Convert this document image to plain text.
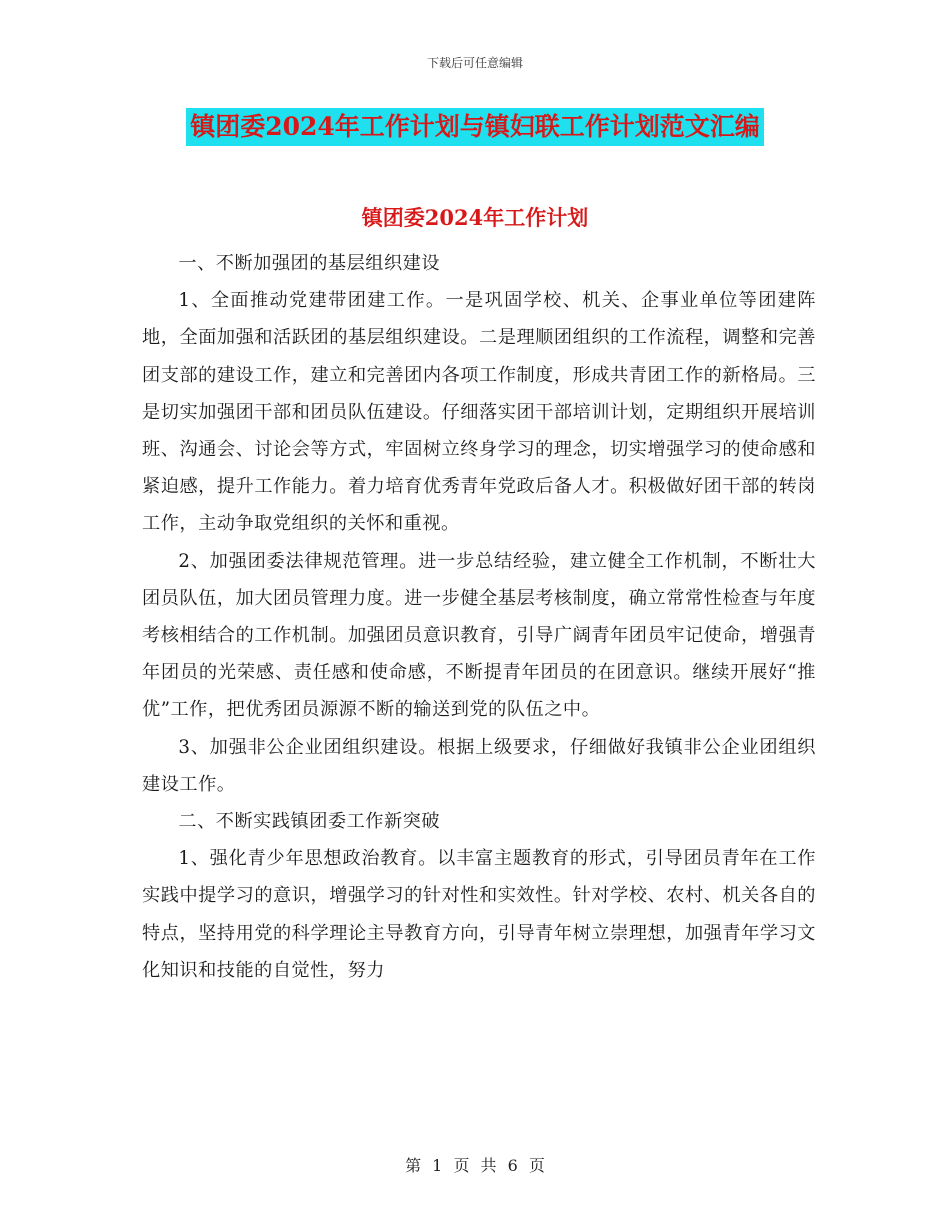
下载后可任意编辑
镇团委2024年工作计划与镇妇联工作计划范文汇编
镇团委2024年工作计划

一、不断加强团的基层组织建设

1、全面推动党建带团建工作。一是巩固学校、机关、企事业单位等团建阵地，全面加强和活跃团的基层组织建设。二是理顺团组织的工作流程，调整和完善团支部的建设工作，建立和完善团内各项工作制度，形成共青团工作的新格局。三是切实加强团干部和团员队伍建设。仔细落实团干部培训计划，定期组织开展培训班、沟通会、讨论会等方式，牢固树立终身学习的理念，切实增强学习的使命感和紧迫感，提升工作能力。着力培育优秀青年党政后备人才。积极做好团干部的转岗工作，主动争取党组织的关怀和重视。

2、加强团委法律规范管理。进一步总结经验，建立健全工作机制，不断壮大团员队伍，加大团员管理力度。进一步健全基层考核制度，确立常常性检查与年度考核相结合的工作机制。加强团员意识教育，引导广阔青年团员牢记使命，增强青年团员的光荣感、责任感和使命感，不断提青年团员的在团意识。继续开展好“推优”工作，把优秀团员源源不断的输送到党的队伍之中。

3、加强非公企业团组织建设。根据上级要求，仔细做好我镇非公企业团组织建设工作。

二、不断实践镇团委工作新突破

1、强化青少年思想政治教育。以丰富主题教育的形式，引导团员青年在工作实践中提学习的意识，增强学习的针对性和实效性。针对学校、农村、机关各自的特点，坚持用党的科学理论主导教育方向，引导青年树立崇理想，加强青年学习文化知识和技能的自觉性，努力

第 1 页 共 6 页
